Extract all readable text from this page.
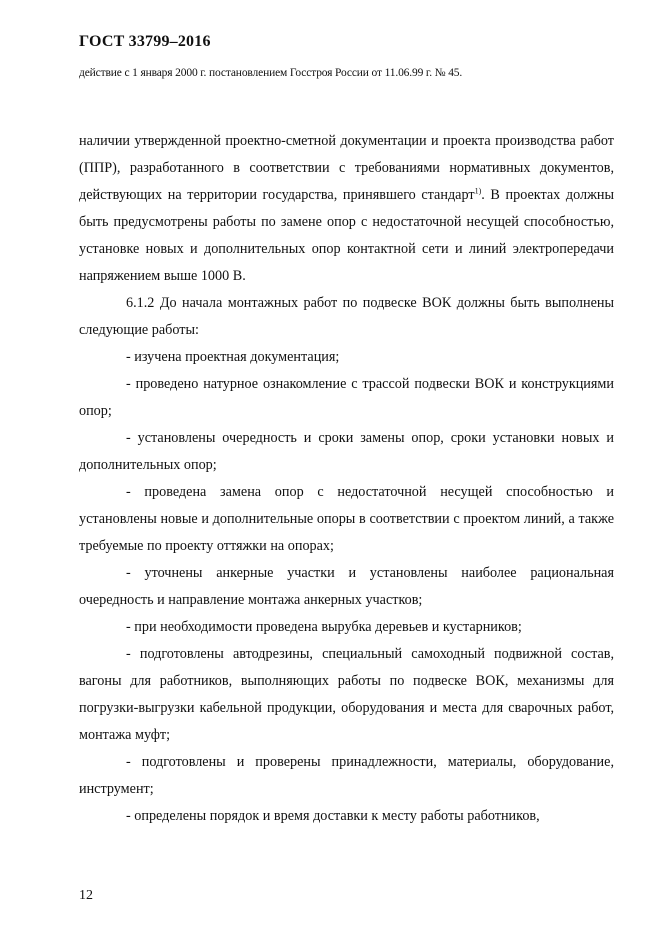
ГОСТ 33799–2016
действие с 1 января 2000 г. постановлением Госстроя России от 11.06.99 г. № 45.

наличии утвержденной проектно-сметной документации и проекта производства работ (ППР), разработанного в соответствии с требованиями нормативных документов, действующих на территории государства, принявшего стандарт$^{1)}$. В проектах должны быть предусмотрены работы по замене опор с недостаточной несущей способностью, установке новых и дополнительных опор контактной сети и линий электропередачи напряжением выше 1000 В.

6.1.2 До начала монтажных работ по подвеске ВОК должны быть выполнены следующие работы:

- изучена проектная документация;

- проведено натурное ознакомление с трассой подвески ВОК и конструкциями опор;

- установлены очередность и сроки замены опор, сроки установки новых и дополнительных опор;

- проведена замена опор с недостаточной несущей способностью и установлены новые и дополнительные опоры в соответствии с проектом линий, а также требуемые по проекту оттяжки на опорах;

- уточнены анкерные участки и установлены наиболее рациональная очередность и направление монтажа анкерных участков;

- при необходимости проведена вырубка деревьев и кустарников;

- подготовлены автодрезины, специальный самоходный подвижной состав, вагоны для работников, выполняющих работы по подвеске ВОК, механизмы для погрузки-выгрузки кабельной продукции, оборудования и места для сварочных работ, монтажа муфт;

- подготовлены и проверены принадлежности, материалы, оборудование, инструмент;

- определены порядок и время доставки к месту работы работников,

12
